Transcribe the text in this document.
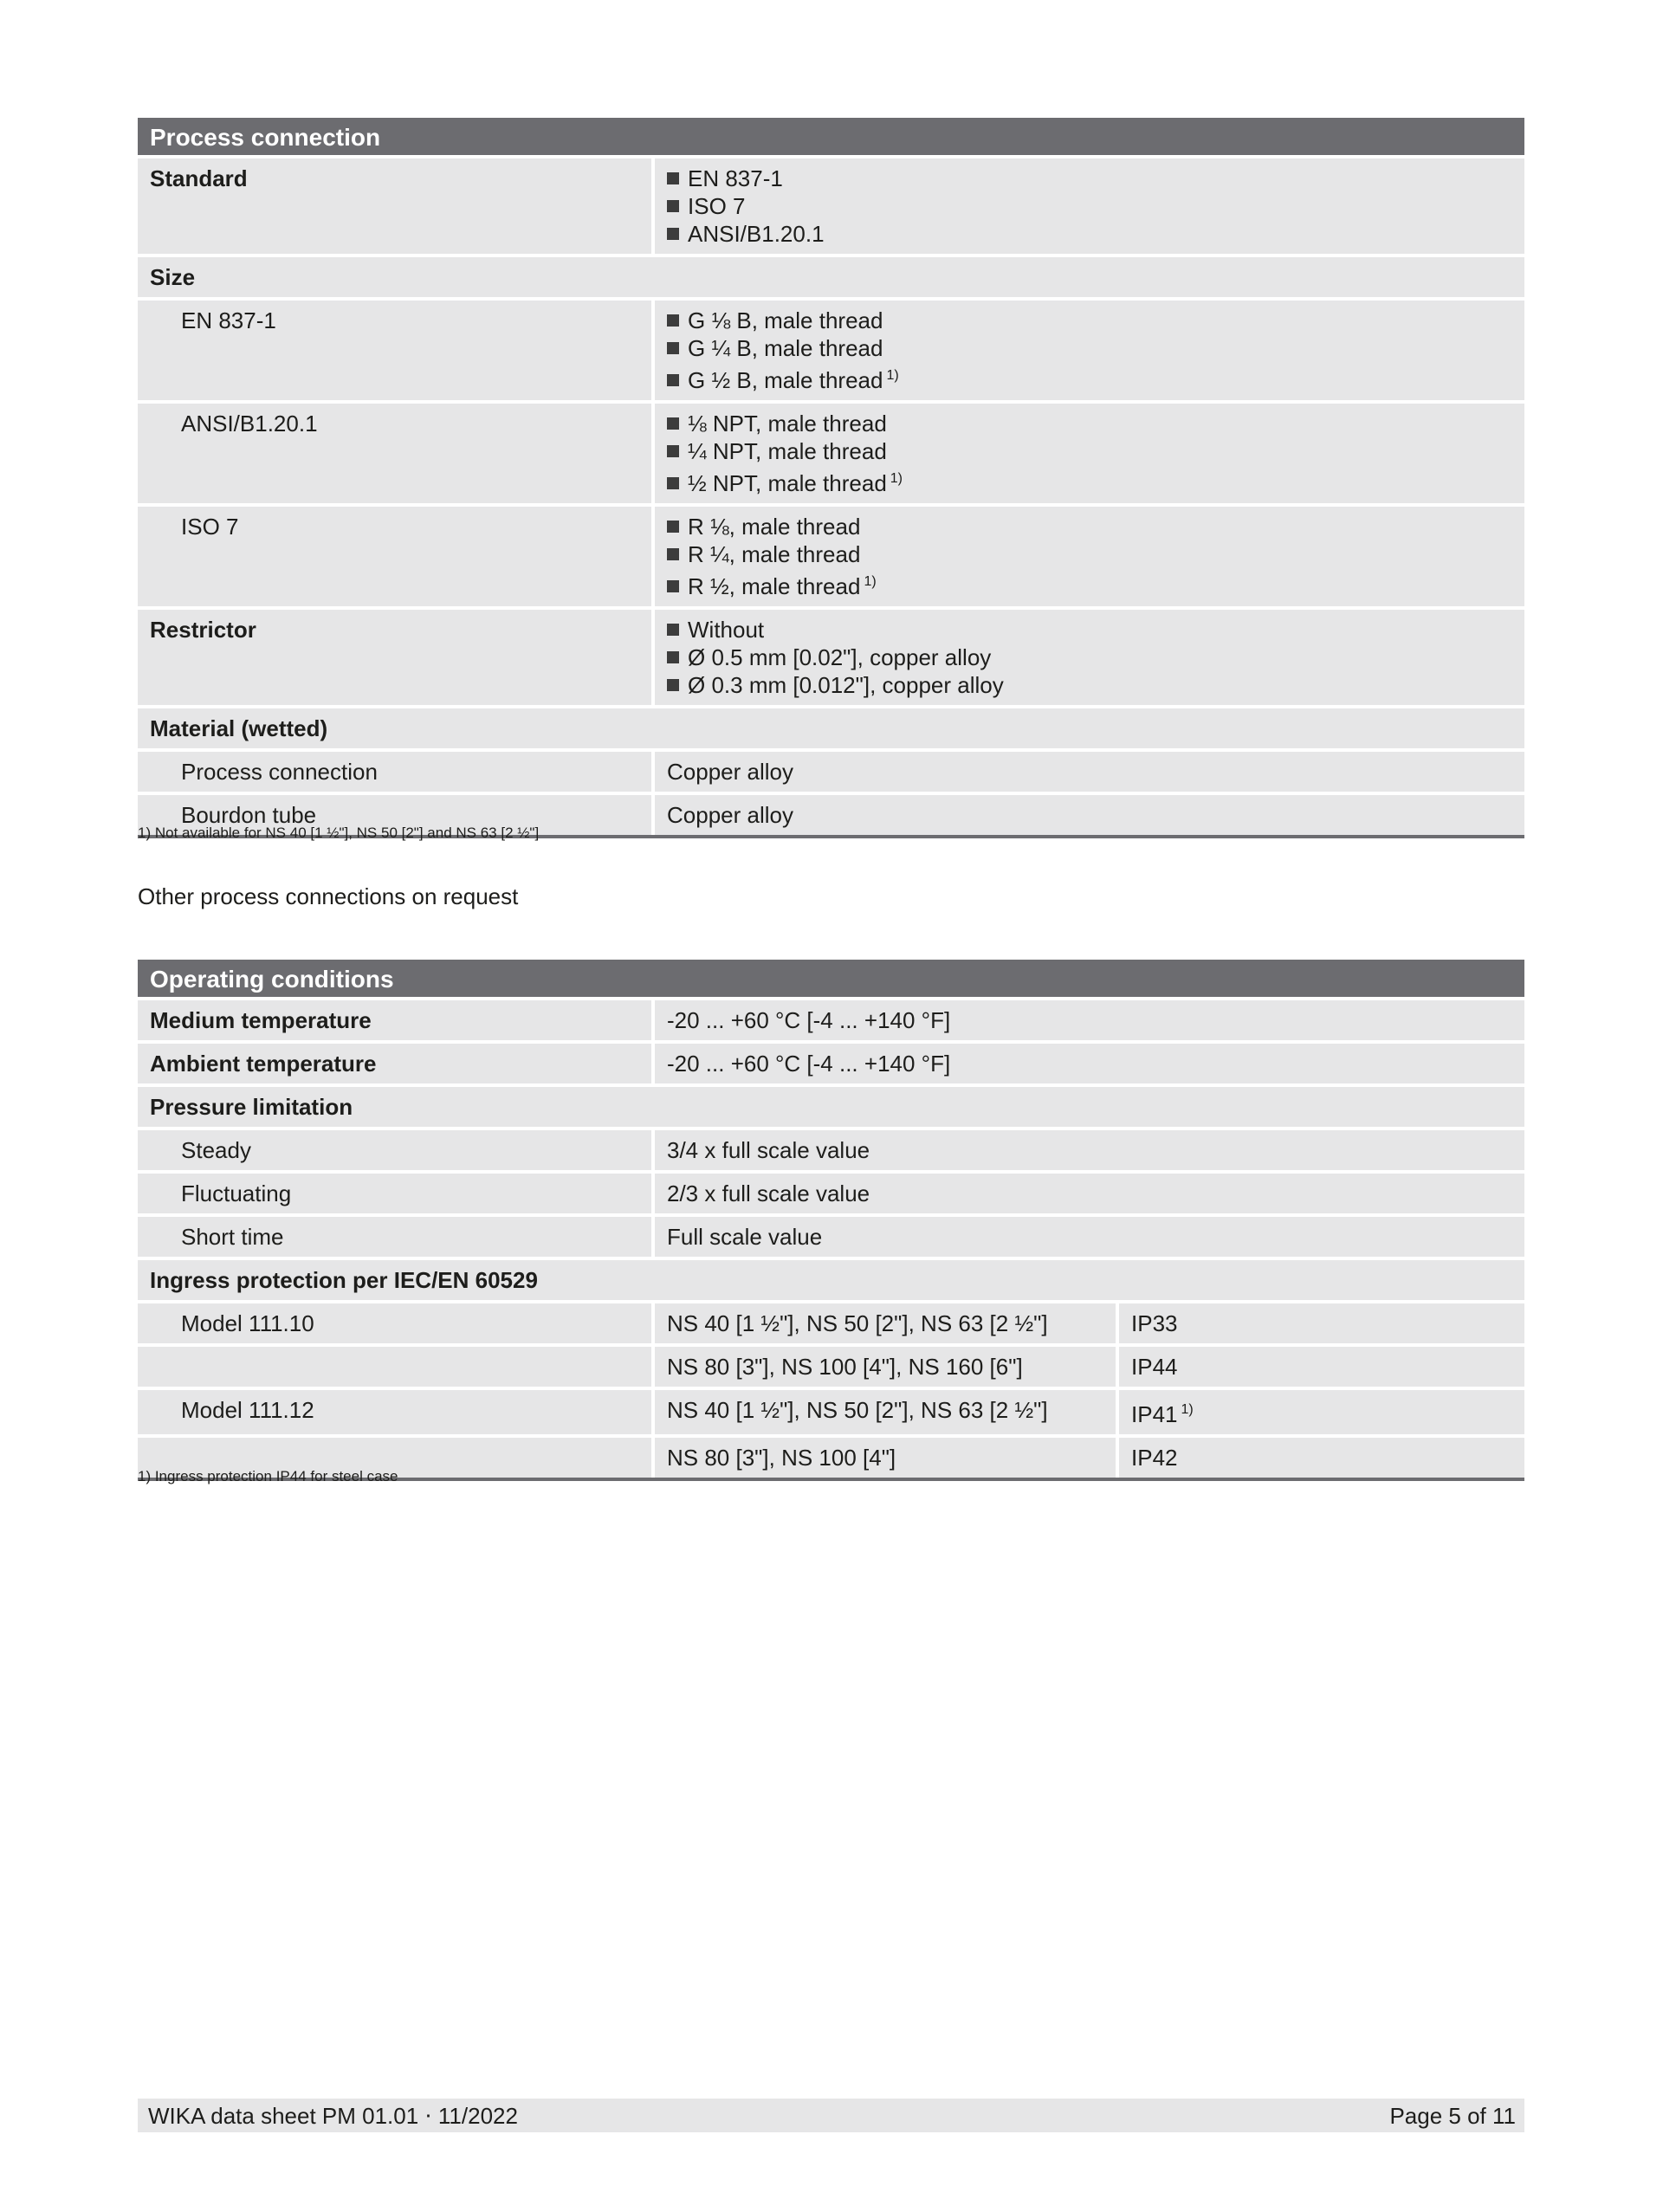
Process connection
Standard	EN 837-1
ISO 7
ANSI/B1.20.1
Size
EN 837-1	G ⅛ B, male thread
G ¼ B, male thread
G ½ B, male thread $^{1)}$
ANSI/B1.20.1	⅛ NPT, male thread
¼ NPT, male thread
½ NPT, male thread $^{1)}$
ISO 7	R ⅛, male thread
R ¼, male thread
R ½, male thread $^{1)}$
Restrictor	Without
Ø 0.5 mm [0.02"], copper alloy
Ø 0.3 mm [0.012"], copper alloy
Material (wetted)
Process connection	Copper alloy
Bourdon tube	Copper alloy
1) Not available for NS 40 [1 ½"], NS 50 [2"] and NS 63 [2 ½"]
Other process connections on request
Operating conditions
Medium temperature	-20 ... +60 °C [-4 ... +140 °F]
Ambient temperature	-20 ... +60 °C [-4 ... +140 °F]
Pressure limitation
Steady	3/4 x full scale value
Fluctuating	2/3 x full scale value
Short time	Full scale value
Ingress protection per IEC/EN 60529
Model 111.10	NS 40 [1 ½"], NS 50 [2"], NS 63 [2 ½"]	IP33
NS 80 [3"], NS 100 [4"], NS 160 [6"]	IP44
Model 111.12	NS 40 [1 ½"], NS 50 [2"], NS 63 [2 ½"]	IP41 $^{1)}$
NS 80 [3"], NS 100 [4"]	IP42
1) Ingress protection IP44 for steel case
WIKA data sheet PM 01.01 ⋅ 11/2022	Page 5 of 11
